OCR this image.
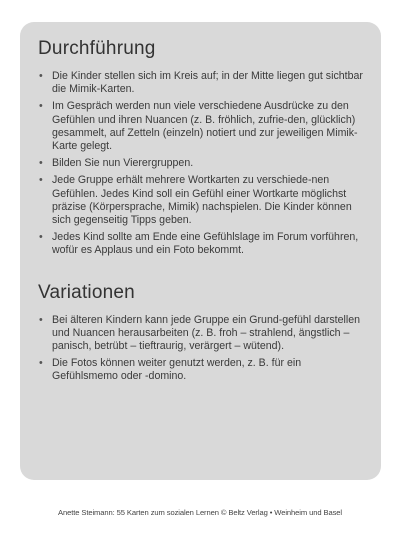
Durchführung
• Die Kinder stellen sich im Kreis auf; in der Mitte liegen gut sichtbar die Mimik-Karten.
• Im Gespräch werden nun viele verschiedene Ausdrücke zu den Gefühlen und ihren Nuancen (z. B. fröhlich, zufrie-den, glücklich) gesammelt, auf Zetteln (einzeln) notiert und zur jeweiligen Mimik-Karte gelegt.
• Bilden Sie nun Vierergruppen.
• Jede Gruppe erhält mehrere Wortkarten zu verschiede-nen Gefühlen. Jedes Kind soll ein Gefühl einer Wortkarte möglichst präzise (Körpersprache, Mimik) nachspielen. Die Kinder können sich gegenseitig Tipps geben.
• Jedes Kind sollte am Ende eine Gefühlslage im Forum vorführen, wofür es Applaus und ein Foto bekommt.
Variationen
• Bei älteren Kindern kann jede Gruppe ein Grund-gefühl darstellen und Nuancen herausarbeiten (z. B. froh – strahlend, ängstlich – panisch, betrübt – tieftraurig, verärgert – wütend).
• Die Fotos können weiter genutzt werden, z. B. für ein Gefühlsmemo oder -domino.
Anette Steimann: 55 Karten zum sozialen Lernen © Beltz Verlag • Weinheim und Basel
